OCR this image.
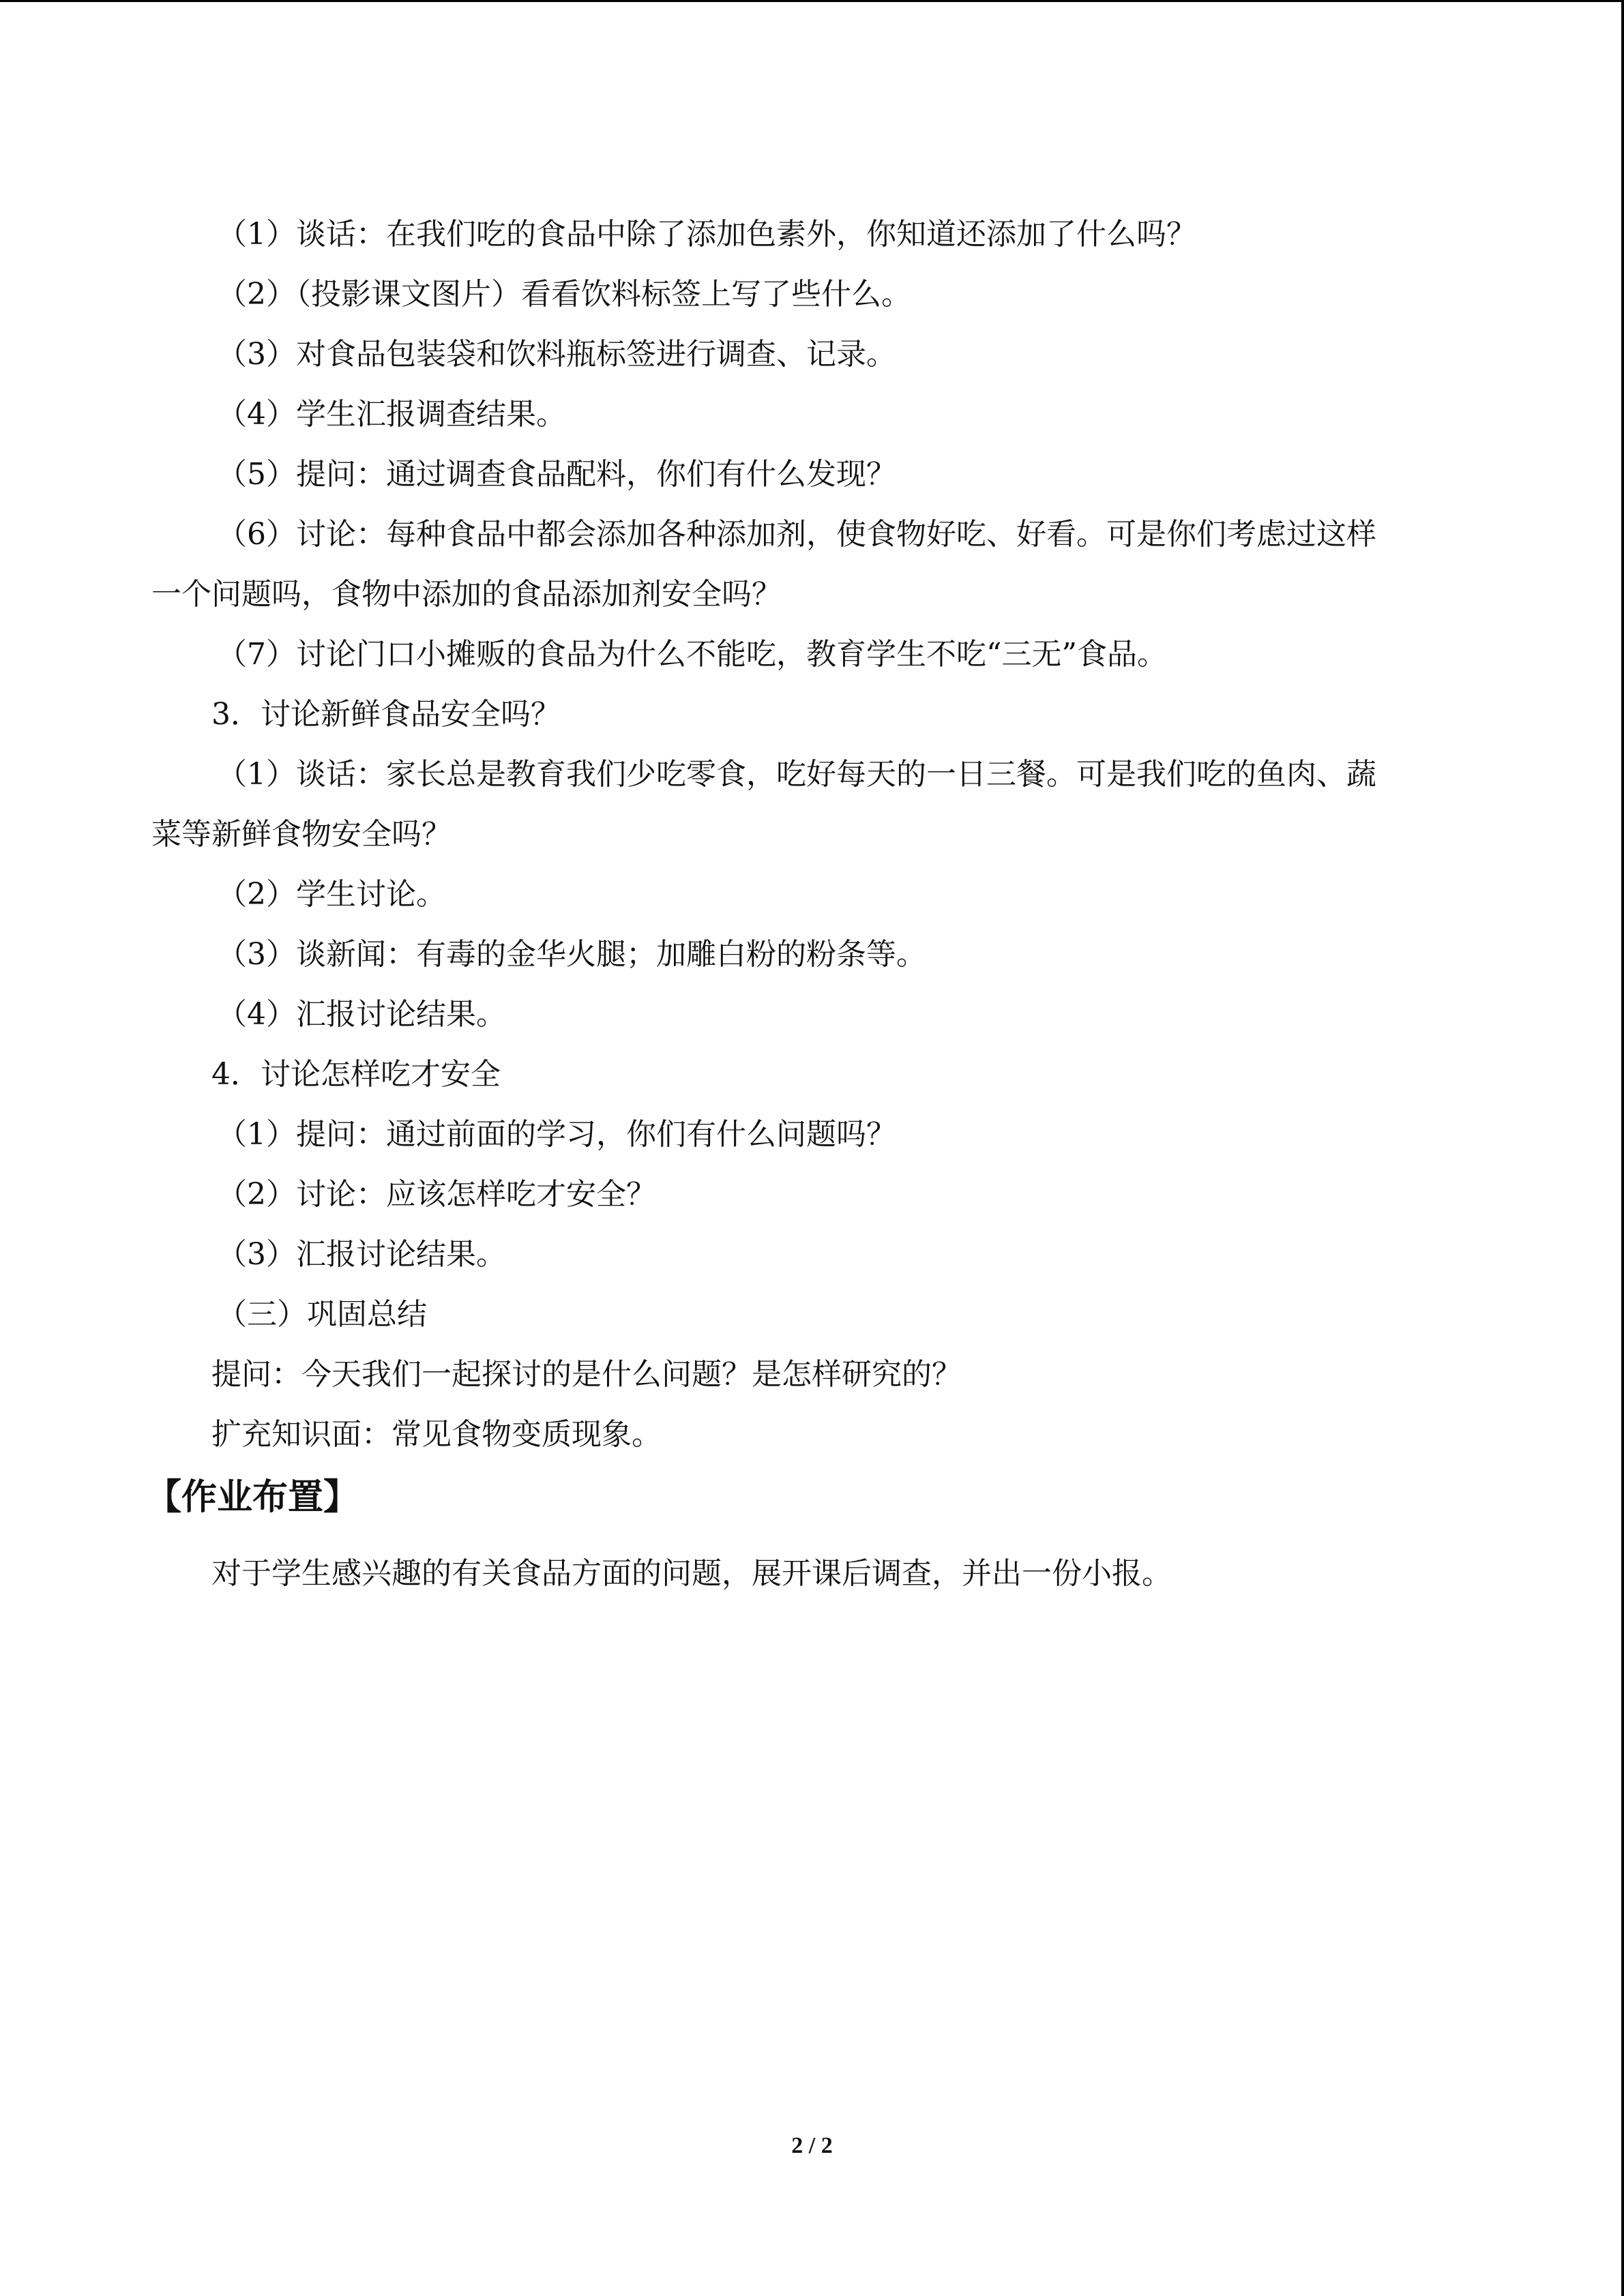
（1）谈话：在我们吃的食品中除了添加色素外，你知道还添加了什么吗？
（2）（投影课文图片）看看饮料标签上写了些什么。
（3）对食品包装袋和饮料瓶标签进行调查、记录。
（4）学生汇报调查结果。
（5）提问：通过调查食品配料，你们有什么发现？
（6）讨论：每种食品中都会添加各种添加剂，使食物好吃、好看。可是你们考虑过这样
一个问题吗，食物中添加的食品添加剂安全吗？
（7）讨论门口小摊贩的食品为什么不能吃，教育学生不吃“三无”食品。
3．讨论新鲜食品安全吗？
（1）谈话：家长总是教育我们少吃零食，吃好每天的一日三餐。可是我们吃的鱼肉、蔬
菜等新鲜食物安全吗？
（2）学生讨论。
（3）谈新闻：有毒的金华火腿；加雕白粉的粉条等。
（4）汇报讨论结果。
4．讨论怎样吃才安全
（1）提问：通过前面的学习，你们有什么问题吗？
（2）讨论：应该怎样吃才安全？
（3）汇报讨论结果。
（三）巩固总结
提问：今天我们一起探讨的是什么问题？是怎样研究的？
扩充知识面：常见食物变质现象。
【作业布置】
对于学生感兴趣的有关食品方面的问题，展开课后调查，并出一份小报。
2 / 2
